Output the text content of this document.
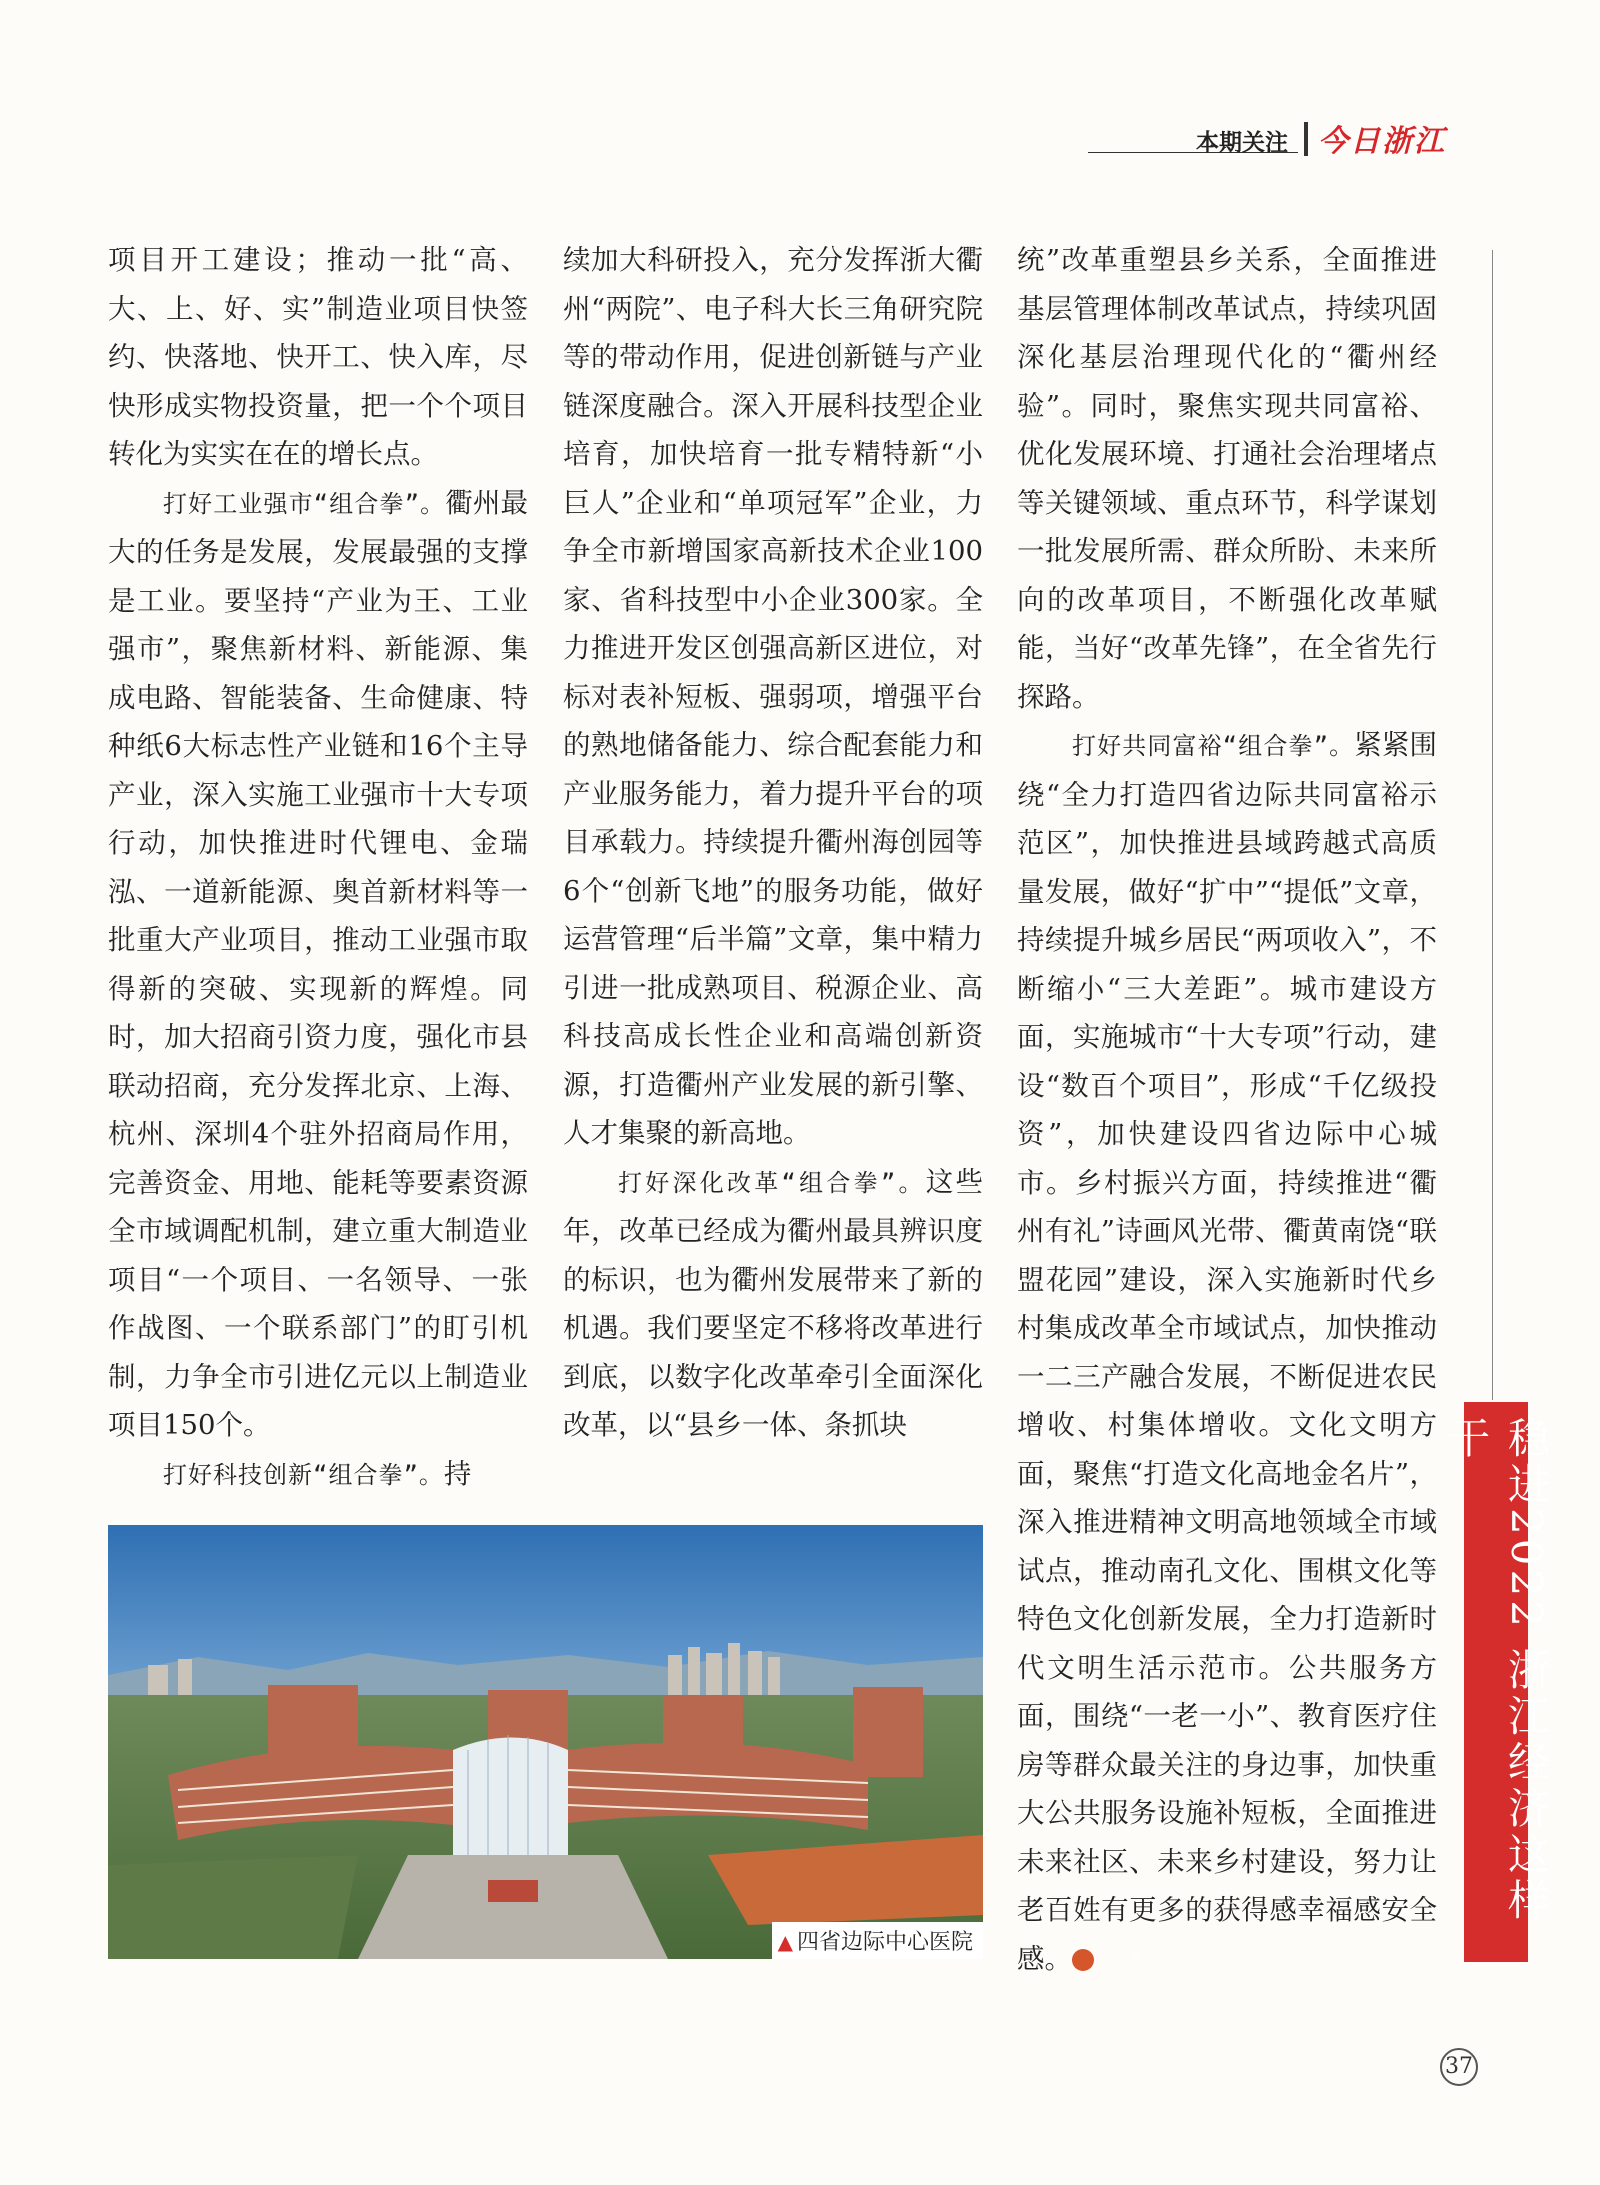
本期关注 今日浙江

项目开工建设；推动一批“高、大、上、好、实”制造业项目快签约、快落地、快开工、快入库，尽快形成实物投资量，把一个个项目转化为实实在在的增长点。

打好工业强市“组合拳”。衢州最大的任务是发展，发展最强的支撑是工业。要坚持“产业为王、工业强市”，聚焦新材料、新能源、集成电路、智能装备、生命健康、特种纸6大标志性产业链和16个主导产业，深入实施工业强市十大专项行动，加快推进时代锂电、金瑞泓、一道新能源、奥首新材料等一批重大产业项目，推动工业强市取得新的突破、实现新的辉煌。同时，加大招商引资力度，强化市县联动招商，充分发挥北京、上海、杭州、深圳4个驻外招商局作用，完善资金、用地、能耗等要素资源全市域调配机制，建立重大制造业项目“一个项目、一名领导、一张作战图、一个联系部门”的盯引机制，力争全市引进亿元以上制造业项目150个。

打好科技创新“组合拳”。持

续加大科研投入，充分发挥浙大衢州“两院”、电子科大长三角研究院等的带动作用，促进创新链与产业链深度融合。深入开展科技型企业培育，加快培育一批专精特新“小巨人”企业和“单项冠军”企业，力争全市新增国家高新技术企业100家、省科技型中小企业300家。全力推进开发区创强高新区进位，对标对表补短板、强弱项，增强平台的熟地储备能力、综合配套能力和产业服务能力，着力提升平台的项目承载力。持续提升衢州海创园等6个“创新飞地”的服务功能，做好运营管理“后半篇”文章，集中精力引进一批成熟项目、税源企业、高科技高成长性企业和高端创新资源，打造衢州产业发展的新引擎、人才集聚的新高地。

打好深化改革“组合拳”。这些年，改革已经成为衢州最具辨识度的标识，也为衢州发展带来了新的机遇。我们要坚定不移将改革进行到底，以数字化改革牵引全面深化改革，以“县乡一体、条抓块

统”改革重塑县乡关系，全面推进基层管理体制改革试点，持续巩固深化基层治理现代化的“衢州经验”。同时，聚焦实现共同富裕、优化发展环境、打通社会治理堵点等关键领域、重点环节，科学谋划一批发展所需、群众所盼、未来所向的改革项目，不断强化改革赋能，当好“改革先锋”，在全省先行探路。

打好共同富裕“组合拳”。紧紧围绕“全力打造四省边际共同富裕示范区”，加快推进县域跨越式高质量发展，做好“扩中”“提低”文章，持续提升城乡居民“两项收入”，不断缩小“三大差距”。城市建设方面，实施城市“十大专项”行动，建设“数百个项目”，形成“千亿级投资”，加快建设四省边际中心城市。乡村振兴方面，持续推进“衢州有礼”诗画风光带、衢黄南饶“联盟花园”建设，深入实施新时代乡村集成改革全市域试点，加快推动一二三产融合发展，不断促进农民增收、村集体增收。文化文明方面，聚焦“打造文化高地金名片”，深入推进精神文明高地领域全市域试点，推动南孔文化、围棋文化等特色文化创新发展，全力打造新时代文明生活示范市。公共服务方面，围绕“一老一小”、教育医疗住房等群众最关注的身边事，加快重大公共服务设施补短板，全面推进未来社区、未来乡村建设，努力让老百姓有更多的获得感幸福感安全感。	今

稳进2022 浙江经济这样干
▲ 四省边际中心医院
37
